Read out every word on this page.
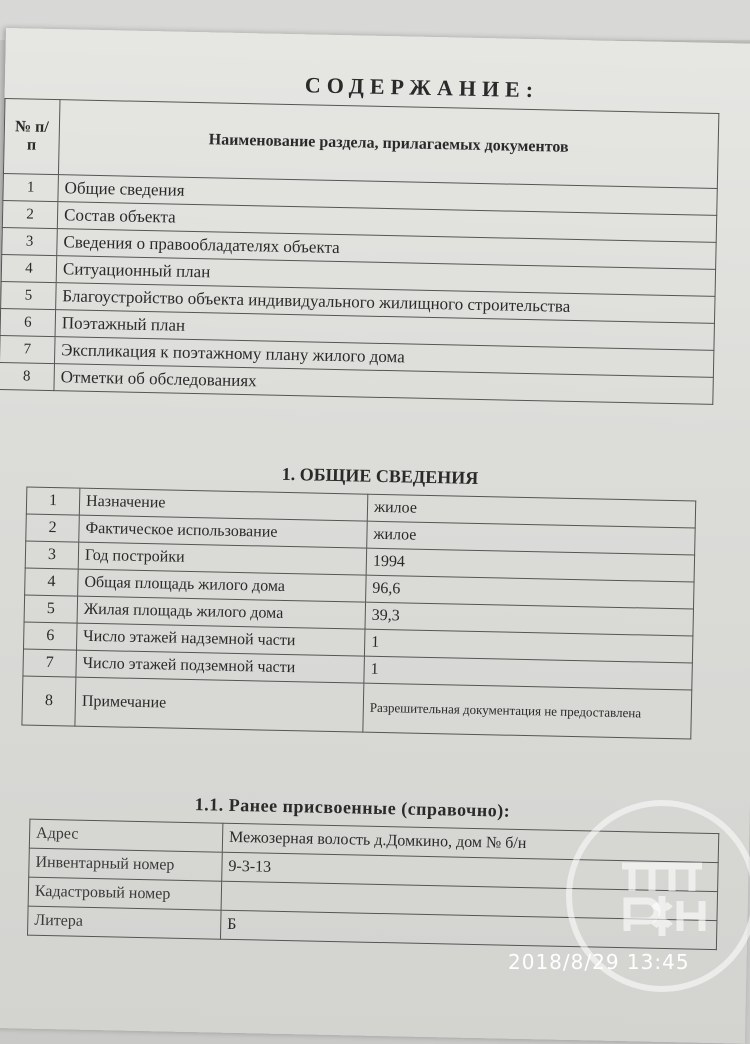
СОДЕРЖАНИЕ:
№ п/п	Наименование раздела, прилагаемых документов
1	Общие сведения
2	Состав объекта
3	Сведения о правообладателях объекта
4	Ситуационный план
5	Благоустройство объекта индивидуального жилищного строительства
6	Поэтажный план
7	Экспликация к поэтажному плану жилого дома
8	Отметки об обследованиях
1. ОБЩИЕ СВЕДЕНИЯ
1	Назначение	жилое
2	Фактическое использование	жилое
3	Год постройки	1994
4	Общая площадь жилого дома	96,6
5	Жилая площадь жилого дома	39,3
6	Число этажей надземной части	1
7	Число этажей подземной части	1
8	Примечание	Разрешительная документация не предоставлена
1.1. Ранее присвоенные (справочно):
Адрес	Межозерная волость д.Домкино, дом № б/н
Инвентарный номер	9-3-13
Кадастровый номер	
Литера	Б
2018/8/29 13:45
